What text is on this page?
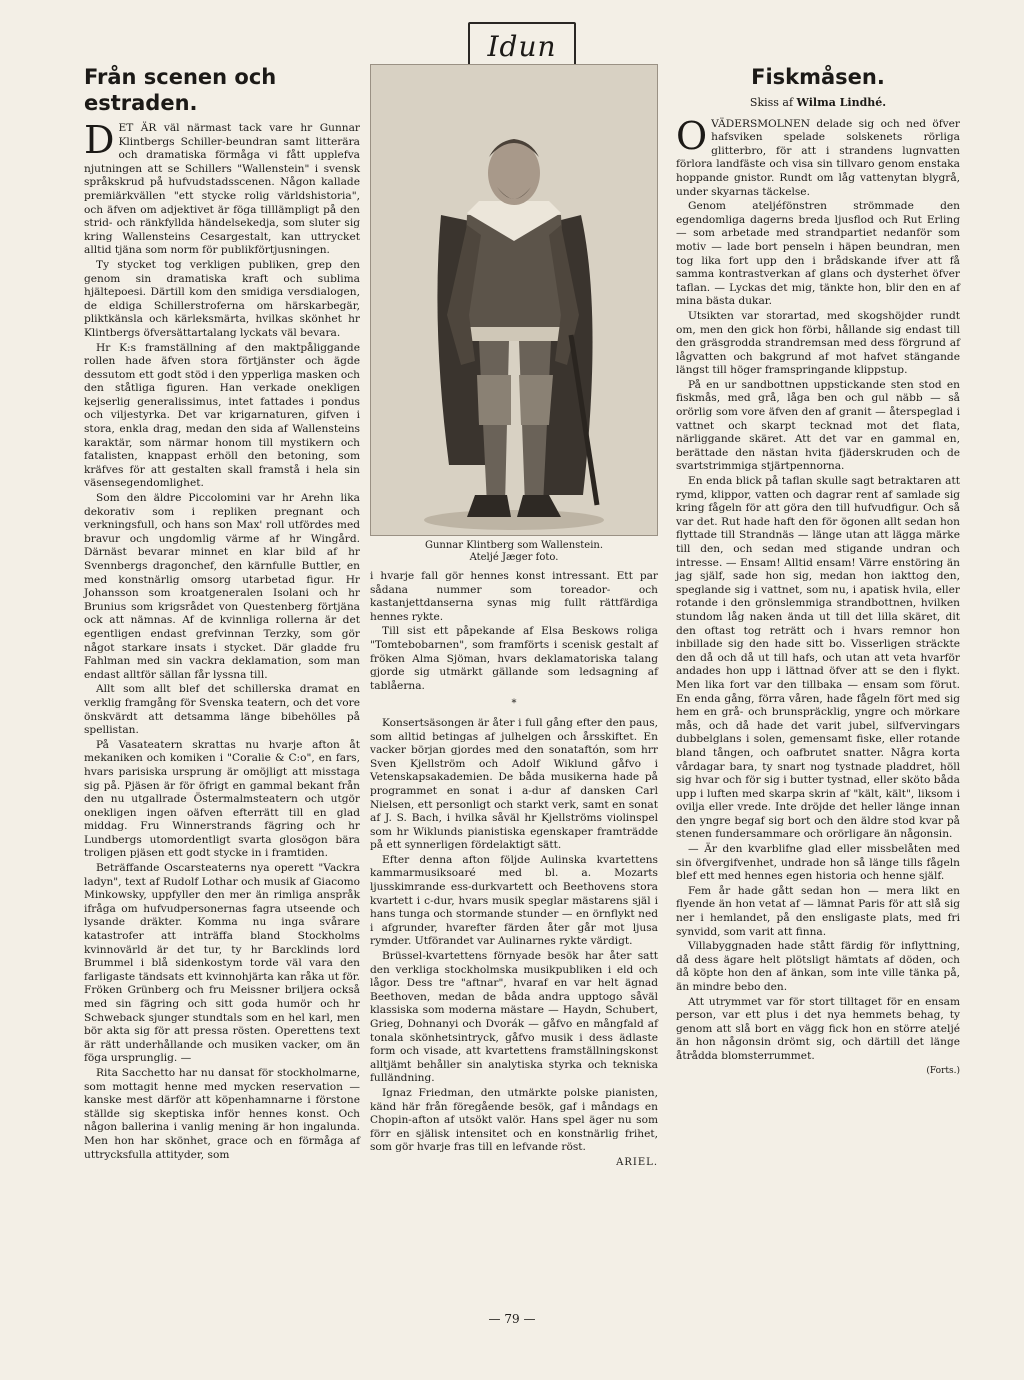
Idun
Från scenen och estraden.

DET ÄR väl närmast tack vare hr Gunnar Klintbergs Schiller-beundran samt litterära och dramatiska förmåga vi fått upplefva njutningen att se Schillers "Wallenstein" i svensk språkskrud på hufvudstadsscenen. Någon kallade premiärkvällen "ett stycke rolig världshistoria", och äfven om adjektivet är föga tilllämpligt på den strid- och ränkfyllda händelsekedja, som sluter sig kring Wallensteins Cesargestalt, kan uttrycket alltid tjäna som norm för publikförtjusningen.

Ty stycket tog verkligen publiken, grep den genom sin dramatiska kraft och sublima hjältepoesi. Därtill kom den smidiga versdialogen, de eldiga Schillerstroferna om härskarbegär, pliktkänsla och kärleksmärta, hvilkas skönhet hr Klintbergs öfversättartalang lyckats väl bevara.

Hr K:s framställning af den maktpåliggande rollen hade äfven stora förtjänster och ägde dessutom ett godt stöd i den ypperliga masken och den ståtliga figuren. Han verkade onekligen kejserlig generalissimus, intet fattades i pondus och viljestyrka. Det var krigarnaturen, gifven i stora, enkla drag, medan den sida af Wallensteins karaktär, som närmar honom till mystikern och fatalisten, knappast erhöll den betoning, som kräfves för att gestalten skall framstå i hela sin väsensegendomlighet.

Som den äldre Piccolomini var hr Arehn lika dekorativ som i repliken pregnant och verkningsfull, och hans son Max' roll utfördes med bravur och ungdomlig värme af hr Wingård. Därnäst bevarar minnet en klar bild af hr Svennbergs dragonchef, den kärnfulle Buttler, en med konstnärlig omsorg utarbetad figur. Hr Johansson som kroatgeneralen Isolani och hr Brunius som krigsrådet von Questenberg förtjäna ock att nämnas. Af de kvinnliga rollerna är det egentligen endast grefvinnan Terzky, som gör något starkare insats i stycket. Där gladde fru Fahlman med sin vackra deklamation, som man endast alltför sällan får lyssna till.

Allt som allt blef det schillerska dramat en verklig framgång för Svenska teatern, och det vore önskvärdt att detsamma länge bibehölles på spellistan.

På Vasateatern skrattas nu hvarje afton åt mekaniken och komiken i "Coralie & C:o", en fars, hvars parisiska ursprung är omöjligt att misstaga sig på. Pjäsen är för öfrigt en gammal bekant från den nu utgallrade Östermalmsteatern och utgör onekligen ingen oäfven efterrätt till en glad middag. Fru Winnerstrands fägring och hr Lundbergs utomordentligt svarta glosögon bära troligen pjäsen ett godt stycke in i framtiden.

Beträffande Oscarsteaterns nya operett "Vackra ladyn", text af Rudolf Lothar och musik af Giacomo Minkowsky, uppfyller den mer än rimliga anspråk ifråga om hufvudpersonernas fagra utseende och lysande dräkter. Komma nu inga svårare katastrofer att inträffa bland Stockholms kvinnovärld är det tur, ty hr Barcklinds lord Brummel i blå sidenkostym torde väl vara den farligaste tändsats ett kvinnohjärta kan råka ut för. Fröken Grünberg och fru Meissner briljera också med sin fägring och sitt goda humör och hr Schweback sjunger stundtals som en hel karl, men bör akta sig för att pressa rösten. Operettens text är rätt underhållande och musiken vacker, om än föga ursprunglig. —

Rita Sacchetto har nu dansat för stockholmarne, som mottagit henne med mycken reservation — kanske mest därför att köpenhamnarne i förstone ställde sig skeptiska inför hennes konst. Och någon ballerina i vanlig mening är hon ingalunda. Men hon har skönhet, grace och en förmåga af uttrycksfulla attityder, som

Gunnar Klintberg som Wallenstein.
Ateljé Jæger foto.

i hvarje fall gör hennes konst intressant. Ett par sådana nummer som toreador- och kastanjettdanserna synas mig fullt rättfärdiga hennes rykte.

Till sist ett påpekande af Elsa Beskows roliga "Tomtebobarnen", som framförts i scenisk gestalt af fröken Alma Sjöman, hvars deklamatoriska talang gjorde sig utmärkt gällande som ledsagning af tablåerna.

*

Konsertsäsongen är åter i full gång efter den paus, som alltid betingas af julhelgen och årsskiftet. En vacker början gjordes med den sonataftón, som hrr Sven Kjellström och Adolf Wiklund gåfvo i Vetenskapsakademien. De båda musikerna hade på programmet en sonat i a-dur af dansken Carl Nielsen, ett personligt och starkt verk, samt en sonat af J. S. Bach, i hvilka såväl hr Kjellströms violinspel som hr Wiklunds pianistiska egenskaper framträdde på ett synnerligen fördelaktigt sätt.

Efter denna afton följde Aulinska kvartettens kammarmusiksoaré med bl. a. Mozarts ljusskimrande ess-durkvartett och Beethovens stora kvartett i c-dur, hvars musik speglar mästarens själ i hans tunga och stormande stunder — en örnflykt ned i afgrunder, hvarefter färden åter går mot ljusa rymder. Utförandet var Aulinarnes rykte värdigt.

Brüssel-kvartettens förnyade besök har åter satt den verkliga stockholmska musikpubliken i eld och lågor. Dess tre "aftnar", hvaraf en var helt ägnad Beethoven, medan de båda andra upptogo såväl klassiska som moderna mästare — Haydn, Schubert, Grieg, Dohnanyi och Dvorák — gåfvo en mångfald af tonala skönhetsintryck, gåfvo musik i dess ädlaste form och visade, att kvartettens framställningskonst alltjämt behåller sin analytiska styrka och tekniska fulländning.

Ignaz Friedman, den utmärkte polske pianisten, känd här från föregående besök, gaf i måndags en Chopin-afton af utsökt valör. Hans spel äger nu som förr en själisk intensitet och en konstnärlig frihet, som gör hvarje fras till en lefvande röst.

ARIEL.
Fiskmåsen.
Skiss af Wilma Lindhé.

OVÄDERSMOLNEN delade sig och ned öfver hafsviken spelade solskenets rörliga glitterbro, för att i strandens lugnvatten förlora landfäste och visa sin tillvaro genom enstaka hoppande gnistor. Rundt om låg vattenytan blygrå, under skyarnas täckelse.

Genom ateljéfönstren strömmade den egendomliga dagerns breda ljusflod och Rut Erling — som arbetade med strandpartiet nedanför som motiv — lade bort penseln i häpen beundran, men tog lika fort upp den i brådskande ifver att få samma kontrastverkan af glans och dysterhet öfver taflan. — Lyckas det mig, tänkte hon, blir den en af mina bästa dukar.

Utsikten var storartad, med skogshöjder rundt om, men den gick hon förbi, hållande sig endast till den gräsgrodda strandremsan med dess förgrund af lågvatten och bakgrund af mot hafvet stängande längst till höger framspringande klippstup.

På en ur sandbottnen uppstickande sten stod en fiskmås, med grå, låga ben och gul näbb — så orörlig som vore äfven den af granit — återspeglad i vattnet och skarpt tecknad mot det flata, närliggande skäret. Att det var en gammal en, berättade den nästan hvita fjäderskruden och de svartstrimmiga stjärtpennorna.

En enda blick på taflan skulle sagt betraktaren att rymd, klippor, vatten och dagrar rent af samlade sig kring fågeln för att göra den till hufvudfigur. Och så var det. Rut hade haft den för ögonen allt sedan hon flyttade till Strandnäs — länge utan att lägga märke till den, och sedan med stigande undran och intresse. — Ensam! Alltid ensam! Värre enstöring än jag själf, sade hon sig, medan hon iakttog den, speglande sig i vattnet, som nu, i apatisk hvila, eller rotande i den grönslemmiga strandbottnen, hvilken stundom låg naken ända ut till det lilla skäret, dit den oftast tog reträtt och i hvars remnor hon inbillade sig den hade sitt bo. Visserligen sträckte den då och då ut till hafs, och utan att veta hvarför andades hon upp i lättnad öfver att se den i flykt. Men lika fort var den tillbaka — ensam som förut. En enda gång, förra våren, hade fågeln fört med sig hem en grå- och brunspräcklig, yngre och mörkare mås, och då hade det varit jubel, silfvervingars dubbelglans i solen, gemensamt fiske, eller rotande bland tången, och oafbrutet snatter. Några korta vårdagar bara, ty snart nog tystnade pladdret, höll sig hvar och för sig i butter tystnad, eller sköto båda upp i luften med skarpa skrin af "kält, kält", liksom i ovilja eller vrede. Inte dröjde det heller länge innan den yngre begaf sig bort och den äldre stod kvar på stenen fundersammare och orörligare än någonsin.

— Är den kvarblifne glad eller missbelåten med sin öfvergifvenhet, undrade hon så länge tills fågeln blef ett med hennes egen historia och henne själf.

Fem år hade gått sedan hon — mera likt en flyende än hon vetat af — lämnat Paris för att slå sig ner i hemlandet, på den ensligaste plats, med fri synvidd, som varit att finna.

Villabyggnaden hade stått färdig för inflyttning, då dess ägare helt plötsligt hämtats af döden, och då köpte hon den af änkan, som inte ville tänka på, än mindre bebo den.

Att utrymmet var för stort tilltaget för en ensam person, var ett plus i det nya hemmets behag, ty genom att slå bort en vägg fick hon en större ateljé än hon någonsin drömt sig, och därtill det länge åtrådda blomsterrummet.

(Forts.)
— 79 —
